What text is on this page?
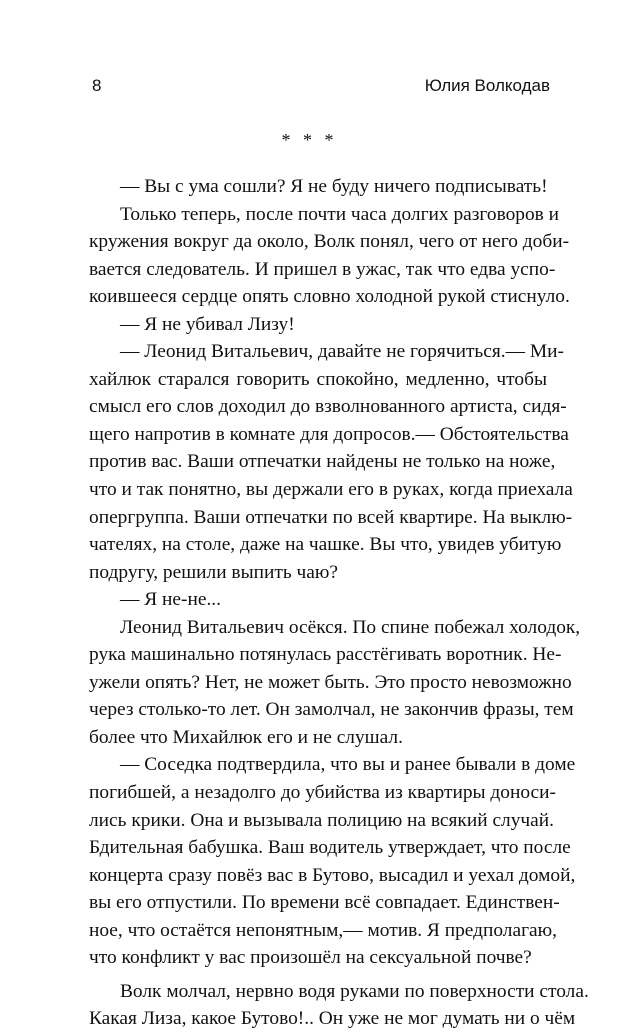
8	Юлия Волкодав
* * *
— Вы с ума сошли? Я не буду ничего подписывать!
Только теперь, после почти часа долгих разговоров и
кружения вокруг да около, Волк понял, чего от него доби-
вается следователь. И пришел в ужас, так что едва успо-
коившееся сердце опять словно холодной рукой стиснуло.
— Я не убивал Лизу!
— Леонид Витальевич, давайте не горячиться.— Ми-
хайлюк старался говорить спокойно, медленно, чтобы
смысл его слов доходил до взволнованного артиста, сидя-
щего напротив в комнате для допросов.— Обстоятельства
против вас. Ваши отпечатки найдены не только на ноже,
что и так понятно, вы держали его в руках, когда приехала
опергруппа. Ваши отпечатки по всей квартире. На выклю-
чателях, на столе, даже на чашке. Вы что, увидев убитую
подругу, решили выпить чаю?
— Я не-не...
Леонид Витальевич осёкся. По спине побежал холодок,
рука машинально потянулась расстёгивать воротник. Не-
ужели опять? Нет, не может быть. Это просто невозможно
через столько-то лет. Он замолчал, не закончив фразы, тем
более что Михайлюк его и не слушал.
— Соседка подтвердила, что вы и ранее бывали в доме
погибшей, а незадолго до убийства из квартиры доноси-
лись крики. Она и вызывала полицию на всякий случай.
Бдительная бабушка. Ваш водитель утверждает, что после
концерта сразу повёз вас в Бутово, высадил и уехал домой,
вы его отпустили. По времени всё совпадает. Единствен-
ное, что остаётся непонятным,— мотив. Я предполагаю,
что конфликт у вас произошёл на сексуальной почве?
Волк молчал, нервно водя руками по поверхности стола.
Какая Лиза, какое Бутово!.. Он уже не мог думать ни о чём
